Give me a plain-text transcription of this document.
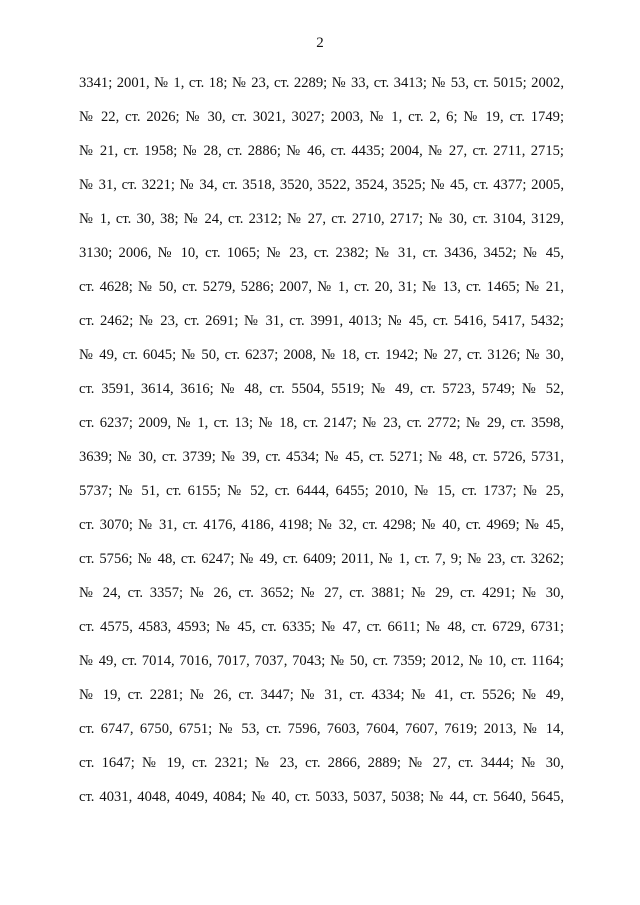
2
3341; 2001, № 1, ст. 18; № 23, ст. 2289; № 33, ст. 3413; № 53, ст. 5015; 2002,
№ 22, ст. 2026; № 30, ст. 3021, 3027; 2003, № 1, ст. 2, 6; № 19, ст. 1749;
№ 21, ст. 1958; № 28, ст. 2886; № 46, ст. 4435; 2004, № 27, ст. 2711, 2715;
№ 31, ст. 3221; № 34, ст. 3518, 3520, 3522, 3524, 3525; № 45, ст. 4377; 2005,
№ 1, ст. 30, 38; № 24, ст. 2312; № 27, ст. 2710, 2717; № 30, ст. 3104, 3129,
3130; 2006, № 10, ст. 1065; № 23, ст. 2382; № 31, ст. 3436, 3452; № 45,
ст. 4628; № 50, ст. 5279, 5286; 2007, № 1, ст. 20, 31; № 13, ст. 1465; № 21,
ст. 2462; № 23, ст. 2691; № 31, ст. 3991, 4013; № 45, ст. 5416, 5417, 5432;
№ 49, ст. 6045; № 50, ст. 6237; 2008, № 18, ст. 1942; № 27, ст. 3126; № 30,
ст. 3591, 3614, 3616; № 48, ст. 5504, 5519; № 49, ст. 5723, 5749; № 52,
ст. 6237; 2009, № 1, ст. 13; № 18, ст. 2147; № 23, ст. 2772; № 29, ст. 3598,
3639; № 30, ст. 3739; № 39, ст. 4534; № 45, ст. 5271; № 48, ст. 5726, 5731,
5737; № 51, ст. 6155; № 52, ст. 6444, 6455; 2010, № 15, ст. 1737; № 25,
ст. 3070; № 31, ст. 4176, 4186, 4198; № 32, ст. 4298; № 40, ст. 4969; № 45,
ст. 5756; № 48, ст. 6247; № 49, ст. 6409; 2011, № 1, ст. 7, 9; № 23, ст. 3262;
№ 24, ст. 3357; № 26, ст. 3652; № 27, ст. 3881; № 29, ст. 4291; № 30,
ст. 4575, 4583, 4593; № 45, ст. 6335; № 47, ст. 6611; № 48, ст. 6729, 6731;
№ 49, ст. 7014, 7016, 7017, 7037, 7043; № 50, ст. 7359; 2012, № 10, ст. 1164;
№ 19, ст. 2281; № 26, ст. 3447; № 31, ст. 4334; № 41, ст. 5526; № 49,
ст. 6747, 6750, 6751; № 53, ст. 7596, 7603, 7604, 7607, 7619; 2013, № 14,
ст. 1647; № 19, ст. 2321; № 23, ст. 2866, 2889; № 27, ст. 3444; № 30,
ст. 4031, 4048, 4049, 4084; № 40, ст. 5033, 5037, 5038; № 44, ст. 5640, 5645,
